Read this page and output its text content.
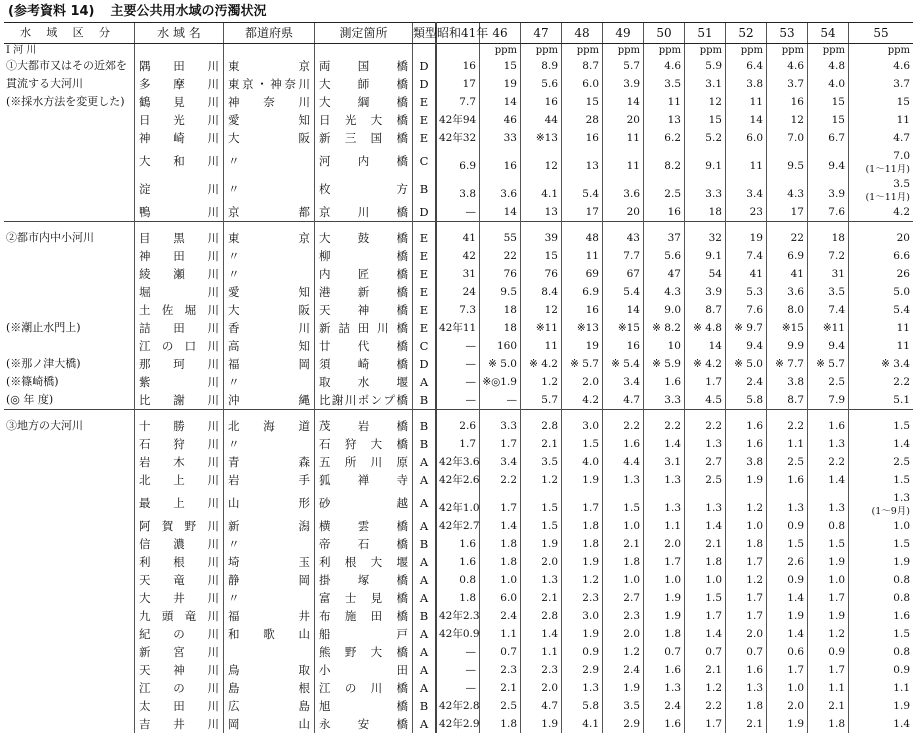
(参考資料 14) 主要公共用水域の汚濁状況
水 域 区 分	水 域 名	都道府県	測定箇所	類型	昭和41年	46	47	48	49	50	51	52	53	54	55
I 河 川						ppm	ppm	ppm	ppm	ppm	ppm	ppm	ppm	ppm	ppm
①大都市又はその近郊を	隅田川	東京	両国橋	D	16	15	8.9	8.7	5.7	4.6	5.9	6.4	4.6	4.8	4.6
貫流する大河川	多摩川	東京・神奈川	大師橋	D	17	19	5.6	6.0	3.9	3.5	3.1	3.8	3.7	4.0	3.7
(※採水方法を変更した)	鶴見川	神奈川	大綱橋	E	7.7	14	16	15	14	11	12	11	16	15	15

	日光川	愛知	日光大橋	E	42年 94	46	44	28	20	13	15	14	12	15	11

	神崎川	大阪	新三国橋	E	42年 32	33	※13	16	11	6.2	5.2	6.0	7.0	6.7	4.7

	大和川	〃	河内橋	C	6.9	16	12	13	11	8.2	9.1	11	9.5	9.4	7.0
(1〜11月)

	淀川	〃	枚方	B	3.8	3.6	4.1	5.4	3.6	2.5	3.3	3.4	4.3	3.9	3.5
(1〜11月)

	鴨川	京都	京川橋	D	—	14	13	17	20	16	18	23	17	7.6	4.2

②都市内中小河川	目黒川	東京	大鼓橋	E	41	55	39	48	43	37	32	19	22	18	20

	神田川	〃	柳橋	E	42	22	15	11	7.7	5.6	9.1	7.4	6.9	7.2	6.6

	綾瀬川	〃	内匠橋	E	31	76	76	69	67	47	54	41	41	31	26

	堀川	愛知	港新橋	E	24	9.5	8.4	6.9	5.4	4.3	3.9	5.3	3.6	3.5	5.0

	土佐堀川	大阪	天神橋	E	7.3	18	12	16	14	9.0	8.7	7.6	8.0	7.4	5.4
(※潮止水門上)	詰田川	香川	新詰田川橋	E	42年 11	18	※11	※13	※15	※ 8.2	※ 4.8	※ 9.7	※15	※11	11

	江の口川	高知	廿代橋	C	—	160	11	19	16	10	14	9.4	9.9	9.4	11
(※那ノ津大橋)	那珂川	福岡	須崎橋	D	—	※ 5.0	※ 4.2	※ 5.7	※ 5.4	※ 5.9	※ 4.2	※ 5.0	※ 7.7	※ 5.7	※ 3.4
(※篠崎橋)	紫川	〃	取水堰	A	—	※◎1.9	1.2	2.0	3.4	1.6	1.7	2.4	3.8	2.5	2.2
(◎ 年 度)	比謝川	沖縄	比謝川ポンプ橋	B	—	—	5.7	4.2	4.7	3.3	4.5	5.8	8.7	7.9	5.1

③地方の大河川	十勝川	北海道	茂岩橋	B	2.6	3.3	2.8	3.0	2.2	2.2	2.2	1.6	2.2	1.6	1.5

	石狩川	〃	石狩大橋	B	1.7	1.7	2.1	1.5	1.6	1.4	1.3	1.6	1.1	1.3	1.4

	岩木川	青森	五所川原	A	42年 3.6	3.4	3.5	4.0	4.4	3.1	2.7	3.8	2.5	2.2	2.5

	北上川	岩手	狐禅寺	A	42年 2.6	2.2	1.2	1.9	1.3	1.3	2.5	1.9	1.6	1.4	1.5

	最上川	山形	砂越	A	42年 1.0	1.7	1.5	1.7	1.5	1.3	1.3	1.2	1.3	1.3	1.3
(1〜9月)

	阿賀野川	新潟	横雲橋	A	42年 2.7	1.4	1.5	1.8	1.0	1.1	1.4	1.0	0.9	0.8	1.0

	信濃川	〃	帝石橋	B	1.6	1.8	1.9	1.8	2.1	2.0	2.1	1.8	1.5	1.5	1.5

	利根川	埼玉	利根大堰	A	1.6	1.8	2.0	1.9	1.8	1.7	1.8	1.7	2.6	1.9	1.9

	天竜川	静岡	掛塚橋	A	0.8	1.0	1.3	1.2	1.0	1.0	1.0	1.2	0.9	1.0	0.8

	大井川	〃	富士見橋	A	1.8	6.0	2.1	2.3	2.7	1.9	1.5	1.7	1.4	1.7	0.8

	九頭竜川	福井	布施田橋	B	42年 2.3	2.4	2.8	3.0	2.3	1.9	1.7	1.7	1.9	1.9	1.6

	紀の川	和歌山	船戸	A	42年 0.9	1.1	1.4	1.9	2.0	1.8	1.4	2.0	1.4	1.2	1.5

	新宮川		熊野大橋	A	—	0.7	1.1	0.9	1.2	0.7	0.7	0.7	0.6	0.9	0.8

	天神川	鳥取	小田	A	—	2.3	2.3	2.9	2.4	1.6	2.1	1.6	1.7	1.7	0.9

	江の川	島根	江の川橋	A	—	2.1	2.0	1.3	1.9	1.3	1.2	1.3	1.0	1.1	1.1

	太田川	広島	旭橋	B	42年 2.8	2.5	4.7	5.8	3.5	2.4	2.2	1.8	2.0	2.1	1.9

	吉井川	岡山	永安橋	A	42年 2.9	1.8	1.9	4.1	2.9	1.6	1.7	2.1	1.9	1.8	1.4
